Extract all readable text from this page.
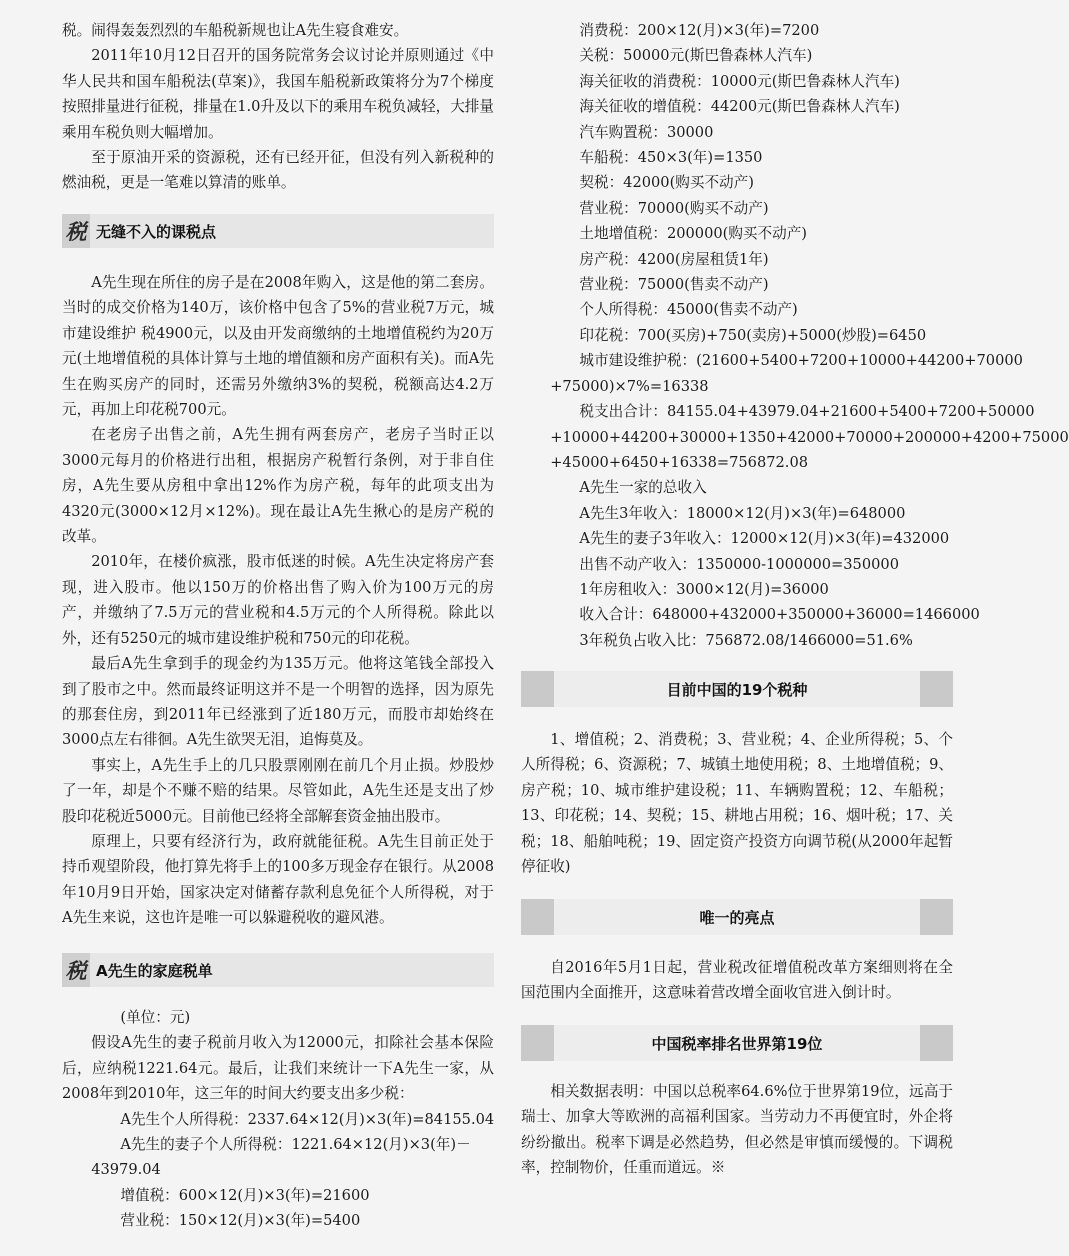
税。闹得轰轰烈烈的车船税新规也让A先生寝食难安。

2011年10月12日召开的国务院常务会议讨论并原则通过《中华人民共和国车船税法(草案)》，我国车船税新政策将分为7个梯度按照排量进行征税，排量在1.0升及以下的乘用车税负减轻，大排量乘用车税负则大幅增加。

至于原油开采的资源税，还有已经开征，但没有列入新税种的燃油税，更是一笔难以算清的账单。

税 无缝不入的课税点

A先生现在所住的房子是在2008年购入，这是他的第二套房。当时的成交价格为140万，该价格中包含了5%的营业税7万元，城市建设维护 税4900元，以及由开发商缴纳的土地增值税约为20万元(土地增值税的具体计算与土地的增值额和房产面积有关)。而A先生在购买房产的同时，还需另外缴纳3%的契税，税额高达4.2万元，再加上印花税700元。

在老房子出售之前，A先生拥有两套房产，老房子当时正以3000元每月的价格进行出租，根据房产税暂行条例，对于非自住房，A先生要从房租中拿出12%作为房产税，每年的此项支出为4320元(3000×12月×12%)。现在最让A先生揪心的是房产税的改革。

2010年，在楼价疯涨，股市低迷的时候。A先生决定将房产套现，进入股市。他以150万的价格出售了购入价为100万元的房产，并缴纳了7.5万元的营业税和4.5万元的个人所得税。除此以外，还有5250元的城市建设维护税和750元的印花税。

最后A先生拿到手的现金约为135万元。他将这笔钱全部投入到了股市之中。然而最终证明这并不是一个明智的选择，因为原先的那套住房，到2011年已经涨到了近180万元，而股市却始终在3000点左右徘徊。A先生欲哭无泪，追悔莫及。

事实上，A先生手上的几只股票刚刚在前几个月止损。炒股炒了一年，却是个不赚不赔的结果。尽管如此，A先生还是支出了炒股印花税近5000元。目前他已经将全部解套资金抽出股市。

原理上，只要有经济行为，政府就能征税。A先生目前正处于持币观望阶段，他打算先将手上的100多万现金存在银行。从2008年10月9日开始，国家决定对储蓄存款利息免征个人所得税，对于A先生来说，这也许是唯一可以躲避税收的避风港。

税 A先生的家庭税单

(单位：元)

假设A先生的妻子税前月收入为12000元，扣除社会基本保险后，应纳税1221.64元。最后，让我们来统计一下A先生一家，从2008年到2010年，这三年的时间大约要支出多少税：

A先生个人所得税：2337.64×12(月)×3(年)=84155.04

A先生的妻子个人所得税：1221.64×12(月)×3(年)－

43979.04

增值税：600×12(月)×3(年)=21600

营业税：150×12(月)×3(年)=5400

消费税：200×12(月)×3(年)=7200

关税：50000元(斯巴鲁森林人汽车)

海关征收的消费税：10000元(斯巴鲁森林人汽车)

海关征收的增值税：44200元(斯巴鲁森林人汽车)

汽车购置税：30000

车船税：450×3(年)=1350

契税：42000(购买不动产)

营业税：70000(购买不动产)

土地增值税：200000(购买不动产)

房产税：4200(房屋租赁1年)

营业税：75000(售卖不动产)

个人所得税：45000(售卖不动产)

印花税：700(买房)+750(卖房)+5000(炒股)=6450

城市建设维护税：(21600+5400+7200+10000+44200+70000

+75000)×7%=16338

税支出合计：84155.04+43979.04+21600+5400+7200+50000

+10000+44200+30000+1350+42000+70000+200000+4200+75000

+45000+6450+16338=756872.08

A先生一家的总收入

A先生3年收入：18000×12(月)×3(年)=648000

A先生的妻子3年收入：12000×12(月)×3(年)=432000

出售不动产收入：1350000-1000000=350000

1年房租收入：3000×12(月)=36000

收入合计：648000+432000+350000+36000=1466000

3年税负占收入比：756872.08/1466000=51.6%

目前中国的19个税种

1、增值税；2、消费税；3、营业税；4、企业所得税；5、个人所得税；6、资源税；7、城镇土地使用税；8、土地增值税；9、房产税；10、城市维护建设税；11、车辆购置税；12、车船税；13、印花税；14、契税；15、耕地占用税；16、烟叶税；17、关税；18、船舶吨税；19、固定资产投资方向调节税(从2000年起暂停征收)

唯一的亮点

自2016年5月1日起，营业税改征增值税改革方案细则将在全国范围内全面推开，这意味着营改增全面收官进入倒计时。

中国税率排名世界第19位

相关数据表明：中国以总税率64.6%位于世界第19位，远高于瑞士、加拿大等欧洲的高福利国家。当劳动力不再便宜时，外企将纷纷撤出。税率下调是必然趋势，但必然是审慎而缓慢的。下调税率，控制物价，任重而道远。※
